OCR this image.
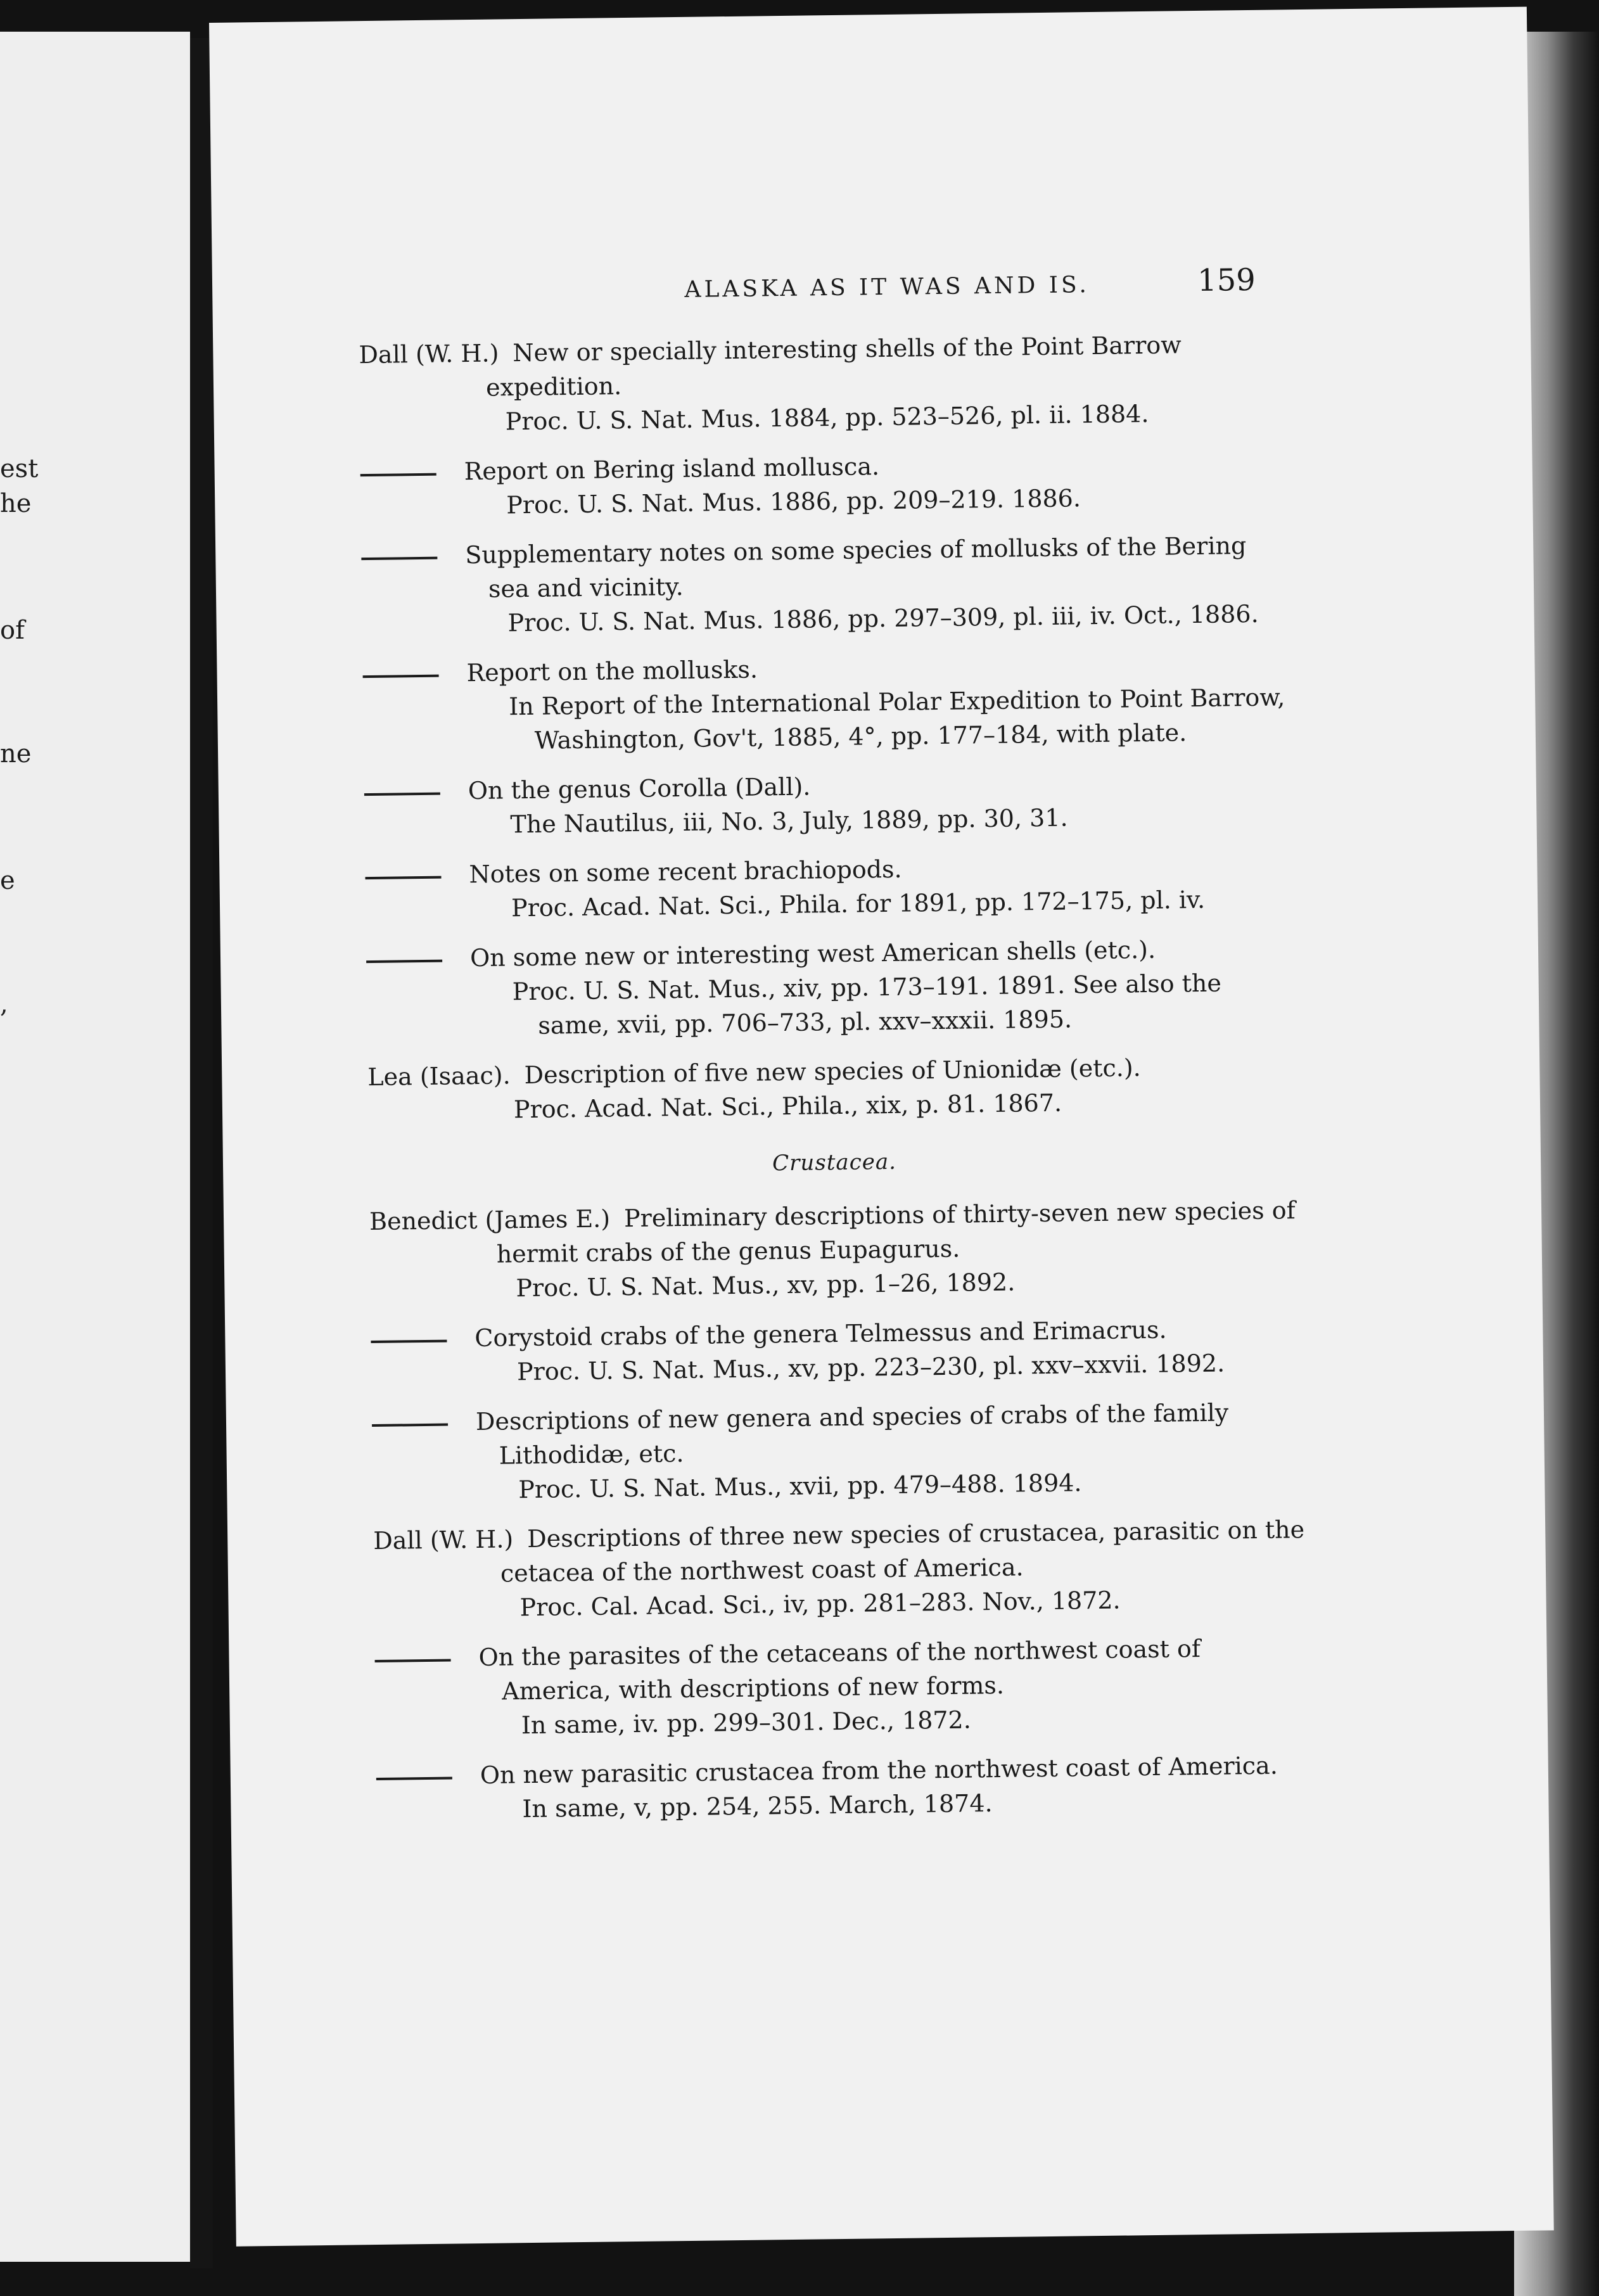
est
he
of
ne
e
,
ALASKA AS IT WAS AND IS.	159
Dall (W. H.) New or specially interesting shells of the Point Barrow expedition.
Proc. U. S. Nat. Mus. 1884, pp. 523–526, pl. ii. 1884.
Report on Bering island mollusca.
Proc. U. S. Nat. Mus. 1886, pp. 209–219. 1886.
Supplementary notes on some species of mollusks of the Bering sea and vicinity.
Proc. U. S. Nat. Mus. 1886, pp. 297–309, pl. iii, iv. Oct., 1886.
Report on the mollusks.
In Report of the International Polar Expedition to Point Barrow, Washington, Gov't, 1885, 4°, pp. 177–184, with plate.
On the genus Corolla (Dall).
The Nautilus, iii, No. 3, July, 1889, pp. 30, 31.
Notes on some recent brachiopods.
Proc. Acad. Nat. Sci., Phila. for 1891, pp. 172–175, pl. iv.
On some new or interesting west American shells (etc.).
Proc. U. S. Nat. Mus., xiv, pp. 173–191. 1891. See also the same, xvii, pp. 706–733, pl. xxv–xxxii. 1895.
Lea (Isaac). Description of five new species of Unionidæ (etc.).
Proc. Acad. Nat. Sci., Phila., xix, p. 81. 1867.
Crustacea.
Benedict (James E.) Preliminary descriptions of thirty-seven new species of hermit crabs of the genus Eupagurus.
Proc. U. S. Nat. Mus., xv, pp. 1–26, 1892.
Corystoid crabs of the genera Telmessus and Erimacrus.
Proc. U. S. Nat. Mus., xv, pp. 223–230, pl. xxv–xxvii. 1892.
Descriptions of new genera and species of crabs of the family Lithodidæ, etc.
Proc. U. S. Nat. Mus., xvii, pp. 479–488. 1894.
Dall (W. H.) Descriptions of three new species of crustacea, parasitic on the cetacea of the northwest coast of America.
Proc. Cal. Acad. Sci., iv, pp. 281–283. Nov., 1872.
On the parasites of the cetaceans of the northwest coast of America, with descriptions of new forms.
In same, iv. pp. 299–301. Dec., 1872.
On new parasitic crustacea from the northwest coast of America.
In same, v, pp. 254, 255. March, 1874.
